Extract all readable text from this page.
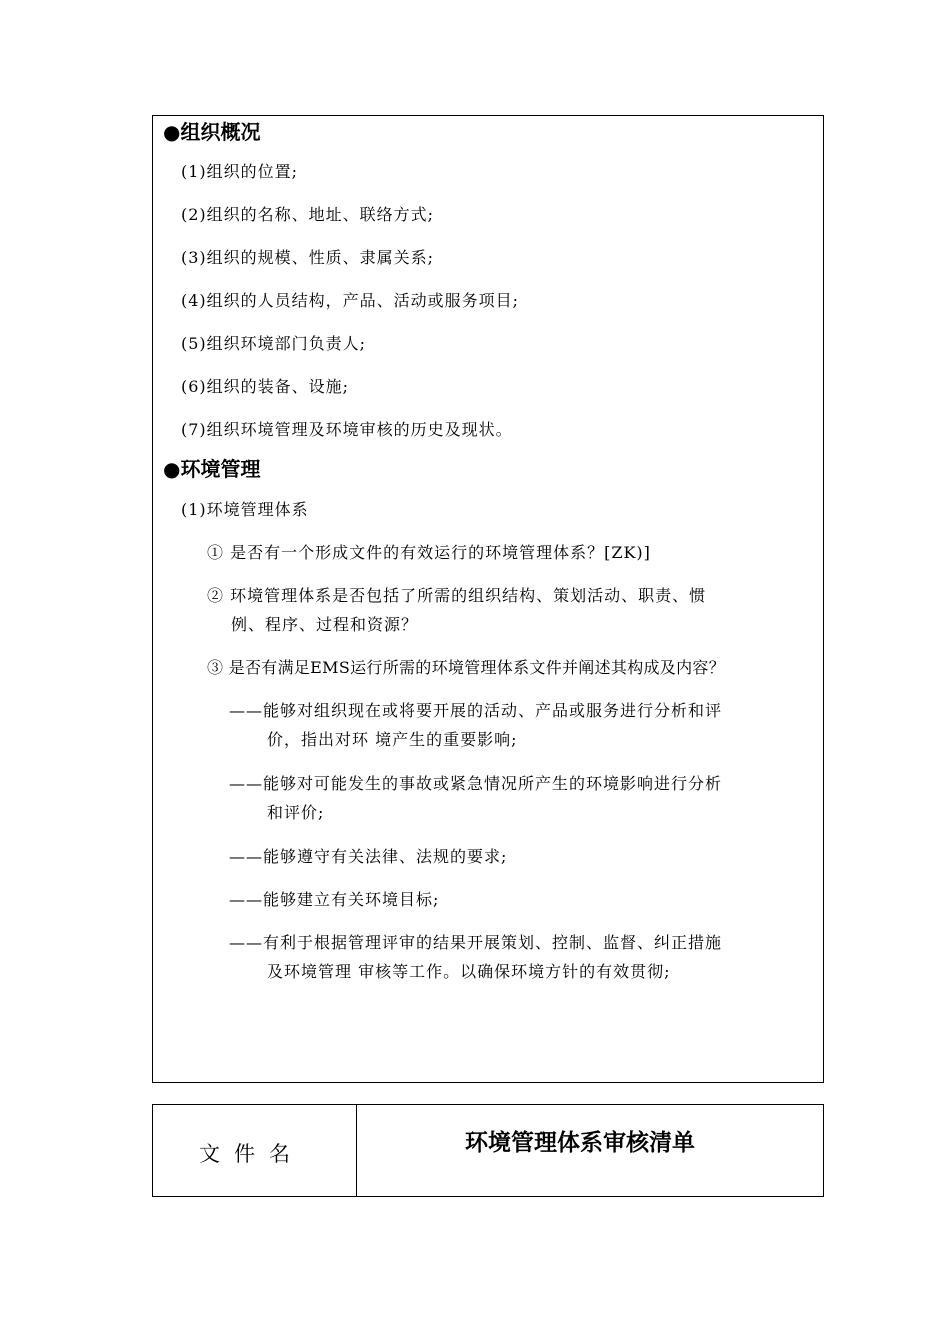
●组织概况
(1)组织的位置;
(2)组织的名称、地址、联络方式;
(3)组织的规模、性质、隶属关系;
(4)组织的人员结构，产品、活动或服务项目;
(5)组织环境部门负责人;
(6)组织的装备、设施;
(7)组织环境管理及环境审核的历史及现状。
●环境管理
(1)环境管理体系
① 是否有一个形成文件的有效运行的环境管理体系？[ZK)]
② 环境管理体系是否包括了所需的组织结构、策划活动、职责、惯
例、程序、过程和资源？
③ 是否有满足EMS运行所需的环境管理体系文件并阐述其构成及内容？
——能够对组织现在或将要开展的活动、产品或服务进行分析和评
价，指出对环 境产生的重要影响;
——能够对可能发生的事故或紧急情况所产生的环境影响进行分析
和评价;
——能够遵守有关法律、法规的要求;
——能够建立有关环境目标;
——有利于根据管理评审的结果开展策划、控制、监督、纠正措施
及环境管理 审核等工作。以确保环境方针的有效贯彻;
文件名	环境管理体系审核清单
